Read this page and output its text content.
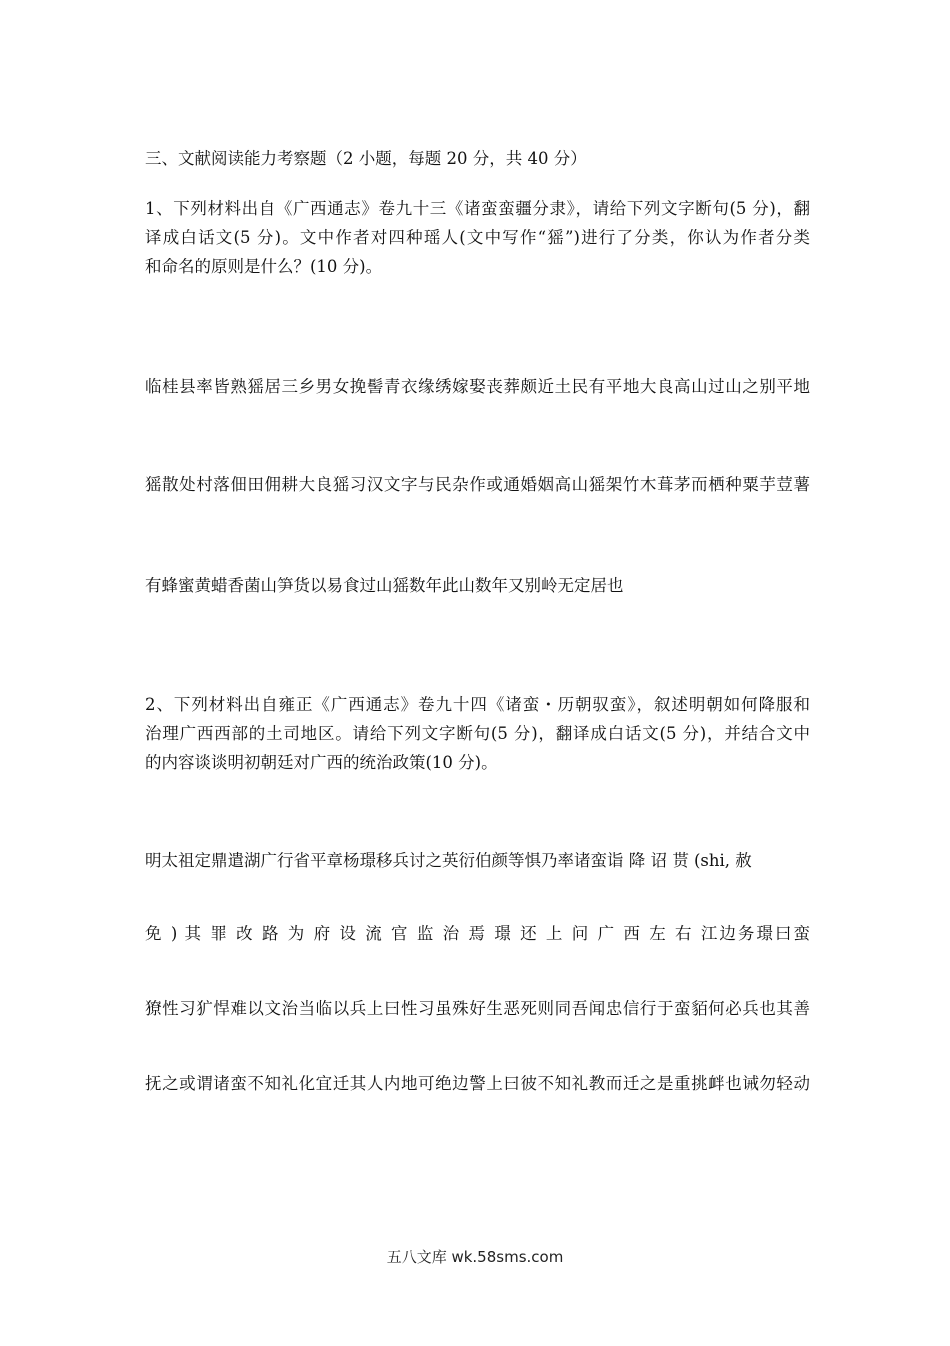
三、文献阅读能力考察题（2 小题，每题 20 分，共 40 分）
1、下列材料出自《广西通志》卷九十三《诸蛮蛮疆分隶》，请给下列文字断句(5 分)，翻
译成白话文(5 分)。文中作者对四种瑶人(文中写作“猺”)进行了分类，你认为作者分类
和命名的原则是什么？(10 分)。
临桂县率皆熟猺居三乡男女挽髻青衣缘绣嫁娶丧葬颇近土民有平地大良高山过山之别平地
猺散处村落佃田佣耕大良猺习汉文字与民杂作或通婚姻高山猺架竹木葺茅而栖种粟芋荳薯
有蜂蜜黄蜡香菌山笋货以易食过山猺数年此山数年又别岭无定居也
2、下列材料出自雍正《广西通志》卷九十四《诸蛮・历朝驭蛮》，叙述明朝如何降服和
治理广西西部的土司地区。请给下列文字断句(5 分)，翻译成白话文(5 分)，并结合文中
的内容谈谈明初朝廷对广西的统治政策(10 分)。
明太祖定鼎遣湖广行省平章杨璟移兵讨之英衍伯颜等惧乃率诸蛮诣 降 诏 贳 (shi, 赦
免 ) 其 罪 改 路 为 府 设 流 官 监 治 焉 璟 还 上 问 广 西 左 右 江边务璟曰蛮
獠性习犷悍难以文治当临以兵上曰性习虽殊好生恶死则同吾闻忠信行于蛮貊何必兵也其善
抚之或谓诸蛮不知礼化宜迁其人内地可绝边警上曰彼不知礼教而迁之是重挑衅也诫勿轻动
五八文库 wk.58sms.com
